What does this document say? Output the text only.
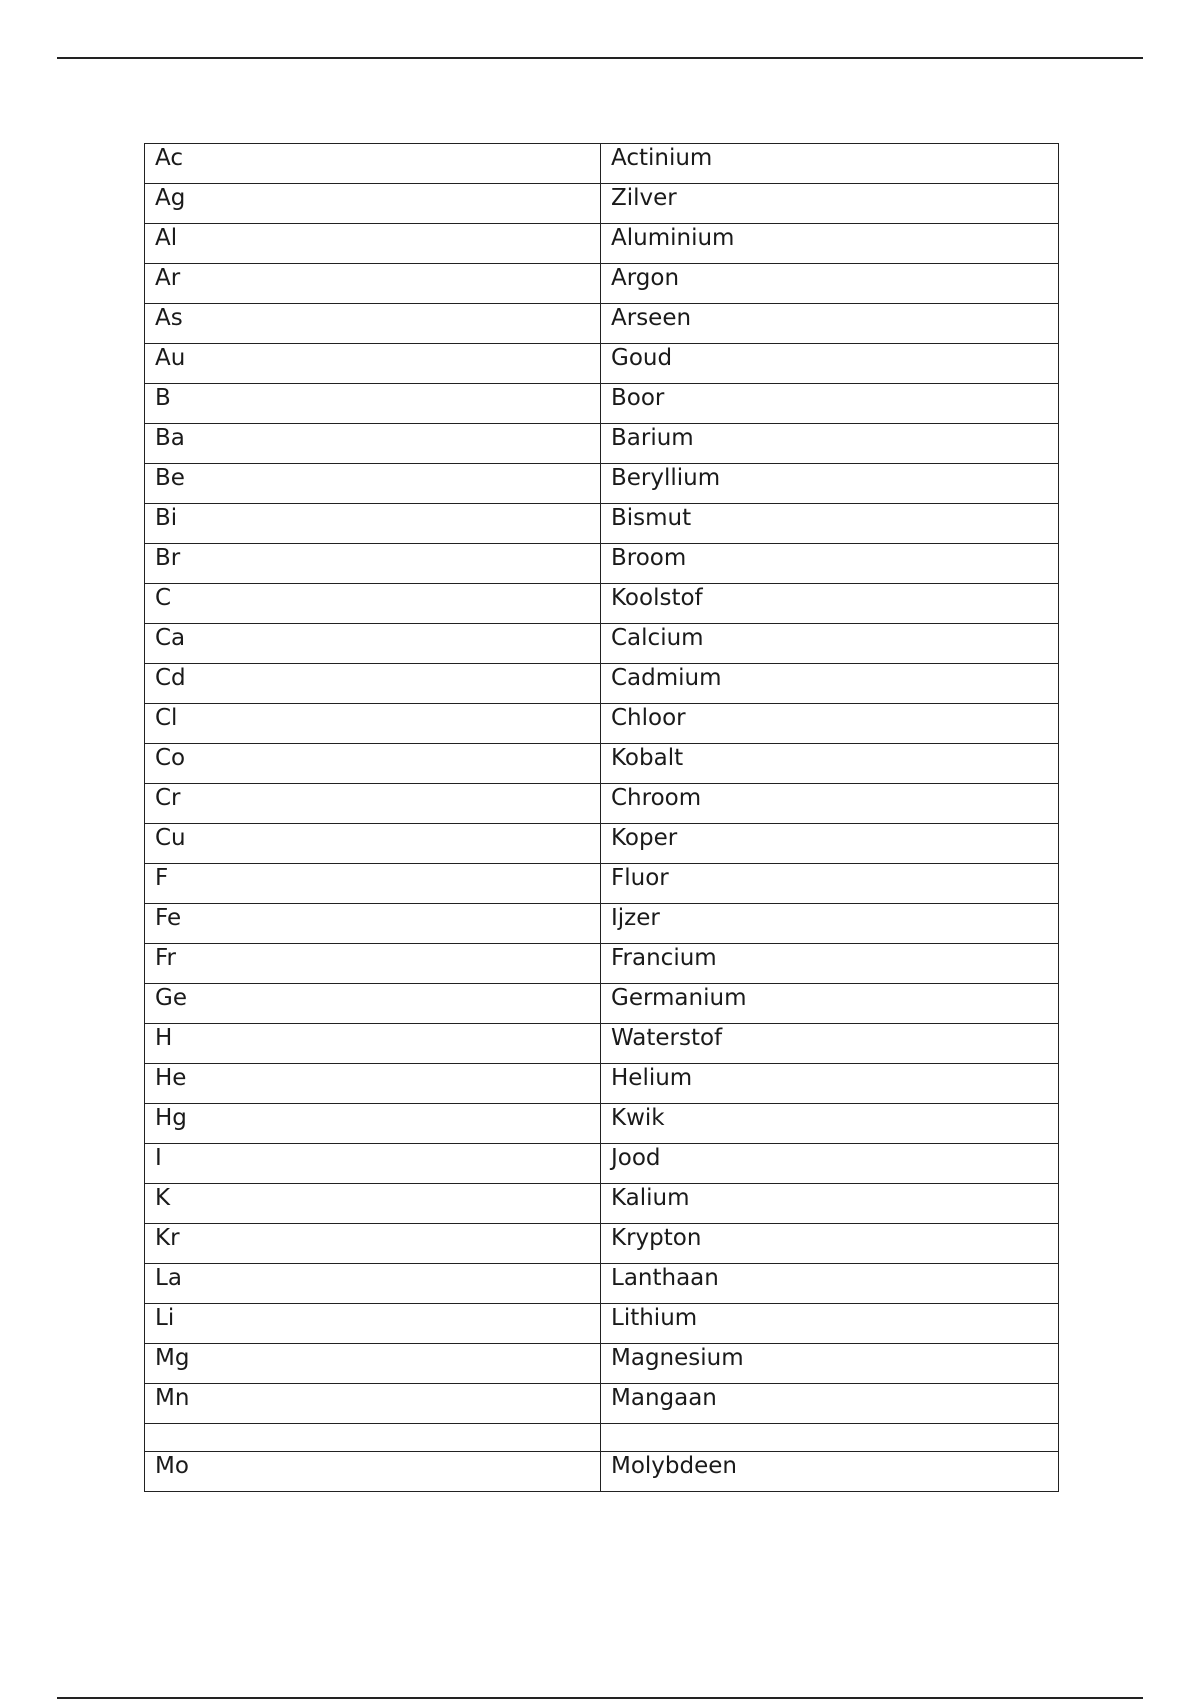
Ac	Actinium
Ag	Zilver
Al	Aluminium
Ar	Argon
As	Arseen
Au	Goud
B	Boor
Ba	Barium
Be	Beryllium
Bi	Bismut
Br	Broom
C	Koolstof
Ca	Calcium
Cd	Cadmium
Cl	Chloor
Co	Kobalt
Cr	Chroom
Cu	Koper
F	Fluor
Fe	Ijzer
Fr	Francium
Ge	Germanium
H	Waterstof
He	Helium
Hg	Kwik
I	Jood
K	Kalium
Kr	Krypton
La	Lanthaan
Li	Lithium
Mg	Magnesium
Mn	Mangaan

Mo	Molybdeen
